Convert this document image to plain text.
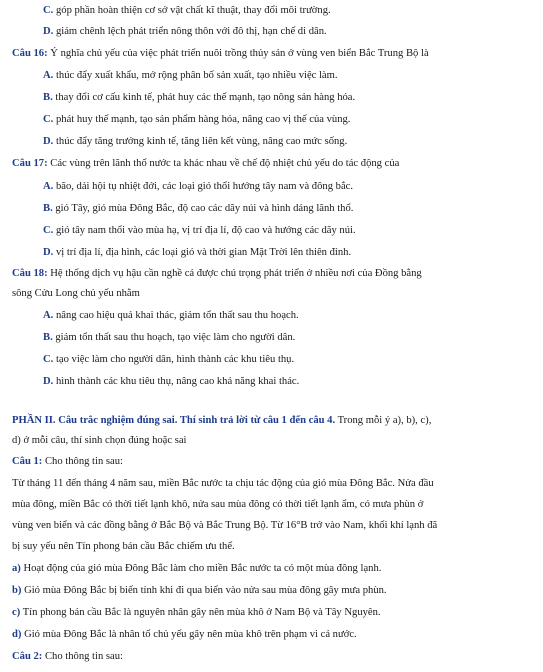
C. góp phần hoàn thiện cơ sở vật chất kĩ thuật, thay đổi môi trường.
D. giảm chênh lệch phát triển nông thôn với đô thị, hạn chế di dân.
Câu 16: Ý nghĩa chủ yếu của việc phát triển nuôi trồng thủy sản ở vùng ven biển Bắc Trung Bộ là
A. thúc đẩy xuất khẩu, mở rộng phân bố sản xuất, tạo nhiều việc làm.
B. thay đổi cơ cấu kinh tế, phát huy các thế mạnh, tạo nông sản hàng hóa.
C. phát huy thế mạnh, tạo sản phẩm hàng hóa, nâng cao vị thế của vùng.
D. thúc đẩy tăng trưởng kinh tế, tăng liên kết vùng, nâng cao mức sống.
Câu 17: Các vùng trên lãnh thổ nước ta khác nhau về chế độ nhiệt chủ yếu do tác động của
A. bão, dải hội tụ nhiệt đới, các loại gió thổi hướng tây nam và đông bắc.
B. gió Tây, gió mùa Đông Bắc, độ cao các dãy núi và hình dáng lãnh thổ.
C. gió tây nam thổi vào mùa hạ, vị trí địa lí, độ cao và hướng các dãy núi.
D. vị trí địa lí, địa hình, các loại gió và thời gian Mặt Trời lên thiên đỉnh.
Câu 18: Hệ thống dịch vụ hậu cần nghề cá được chú trọng phát triển ở nhiều nơi của Đồng bằng
sông Cửu Long chủ yếu nhằm
A. nâng cao hiệu quả khai thác, giảm tổn thất sau thu hoạch.
B. giảm tổn thất sau thu hoạch, tạo việc làm cho người dân.
C. tạo việc làm cho người dân, hình thành các khu tiêu thụ.
D. hình thành các khu tiêu thụ, nâng cao khả năng khai thác.
PHẦN II. Câu trắc nghiệm đúng sai. Thí sinh trả lời từ câu 1 đến câu 4. Trong mỗi ý a), b), c),
d) ở mỗi câu, thí sinh chọn đúng hoặc sai
Câu 1: Cho thông tin sau:
Từ tháng 11 đến tháng 4 năm sau, miền Bắc nước ta chịu tác động của gió mùa Đông Bắc. Nửa đầu
mùa đông, miền Bắc có thời tiết lạnh khô, nửa sau mùa đông có thời tiết lạnh ẩm, có mưa phùn ở
vùng ven biển và các đồng bằng ở Bắc Bộ và Bắc Trung Bộ. Từ 16°B trở vào Nam, khối khí lạnh đã
bị suy yếu nên Tín phong bán cầu Bắc chiếm ưu thế.
a) Hoạt động của gió mùa Đông Bắc làm cho miền Bắc nước ta có một mùa đông lạnh.
b) Gió mùa Đông Bắc bị biến tính khi đi qua biển vào nửa sau mùa đông gây mưa phùn.
c) Tín phong bán cầu Bắc là nguyên nhân gây nên mùa khô ở Nam Bộ và Tây Nguyên.
d) Gió mùa Đông Bắc là nhân tố chủ yếu gây nên mùa khô trên phạm vi cả nước.
Câu 2: Cho thông tin sau:
